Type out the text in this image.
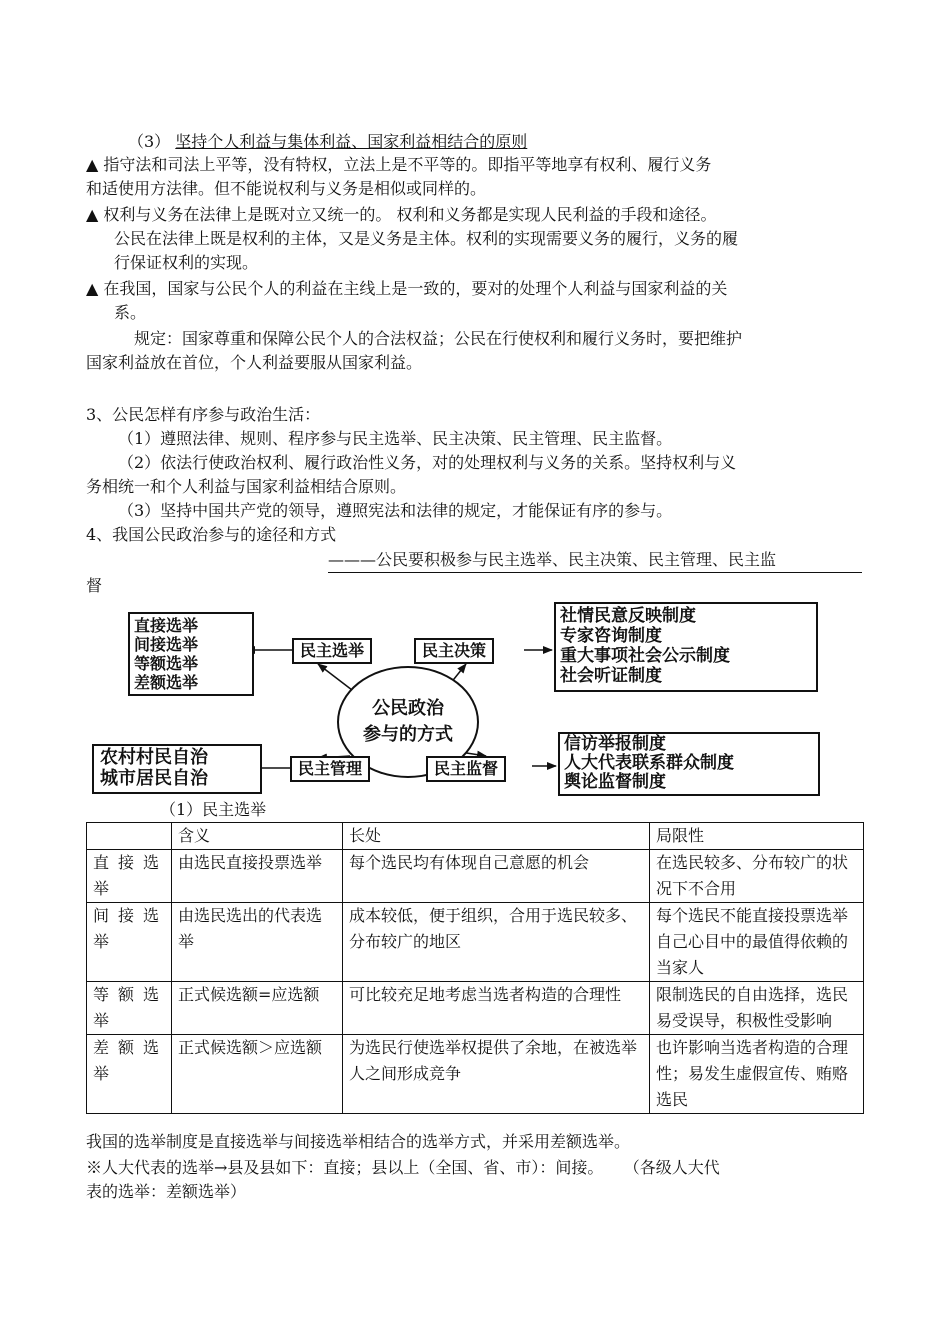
（3） 坚持个人利益与集体利益、国家利益相结合的原则
▲ 指守法和司法上平等，没有特权，立法上是不平等的。即指平等地享有权利、履行义务
和适使用方法律。但不能说权利与义务是相似或同样的。
▲ 权利与义务在法律上是既对立又统一的。 权利和义务都是实现人民利益的手段和途径。
公民在法律上既是权利的主体，又是义务是主体。权利的实现需要义务的履行，义务的履
行保证权利的实现。
▲ 在我国，国家与公民个人的利益在主线上是一致的，要对的处理个人利益与国家利益的关
系。
规定：国家尊重和保障公民个人的合法权益；公民在行使权利和履行义务时，要把维护
国家利益放在首位，个人利益要服从国家利益。
3、公民怎样有序参与政治生活：
（1）遵照法律、规则、程序参与民主选举、民主决策、民主管理、民主监督。
（2）依法行使政治权利、履行政治性义务，对的处理权利与义务的关系。坚持权利与义
务相统一和个人利益与国家利益相结合原则。
（3）坚持中国共产党的领导，遵照宪法和法律的规定，才能保证有序的参与。
4、我国公民政治参与的途径和方式
———公民要积极参与民主选举、民主决策、民主管理、民主监
督
直接选举
间接选举
等额选举
差额选举
民主选举	民主决策
社情民意反映制度
专家咨询制度
重大事项社会公示制度
社会听证制度
公民政治
参与的方式
农村村民自治
城市居民自治	民主管理	民主监督
信访举报制度
人大代表联系群众制度
舆论监督制度
（1）民主选举
	含义	长处	局限性
直接选举	由选民直接投票选举	每个选民均有体现自己意愿的机会	在选民较多、分布较广的状况下不合用
间接选举	由选民选出的代表选举	成本较低，便于组织，合用于选民较多、分布较广的地区	每个选民不能直接投票选举自己心目中的最值得依赖的当家人
等额选举	正式候选额=应选额	可比较充足地考虑当选者构造的合理性	限制选民的自由选择，选民易受误导，积极性受影响
差额选举	正式候选额＞应选额	为选民行使选举权提供了余地，在被选举人之间形成竞争	也许影响当选者构造的合理性；易发生虚假宣传、贿赂选民
我国的选举制度是直接选举与间接选举相结合的选举方式，并采用差额选举。
※人大代表的选举→县及县如下：直接；县以上（全国、省、市）：间接。    （各级人大代
表的选举：差额选举）
